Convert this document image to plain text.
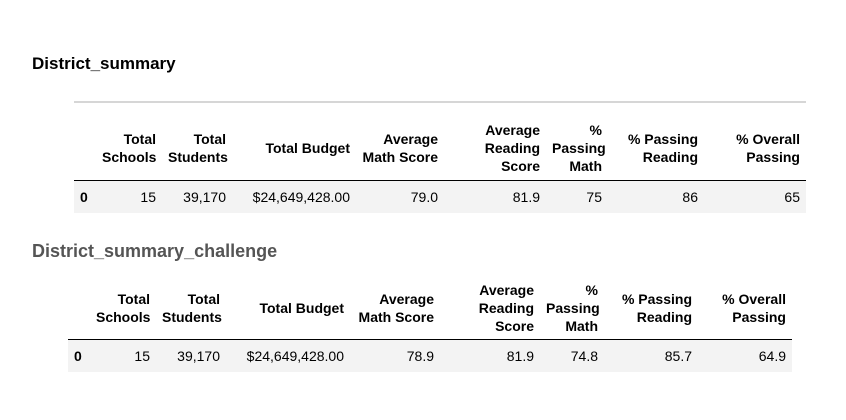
District_summary
	Total Schools	Total Students	Total Budget	Average Math Score	Average Reading Score	% Passing Math	% Passing Reading	% Overall Passing
0	15	39,170	$24,649,428.00	79.0	81.9	75	86	65
District_summary_challenge
	Total Schools	Total Students	Total Budget	Average Math Score	Average Reading Score	% Passing Math	% Passing Reading	% Overall Passing
0	15	39,170	$24,649,428.00	78.9	81.9	74.8	85.7	64.9
